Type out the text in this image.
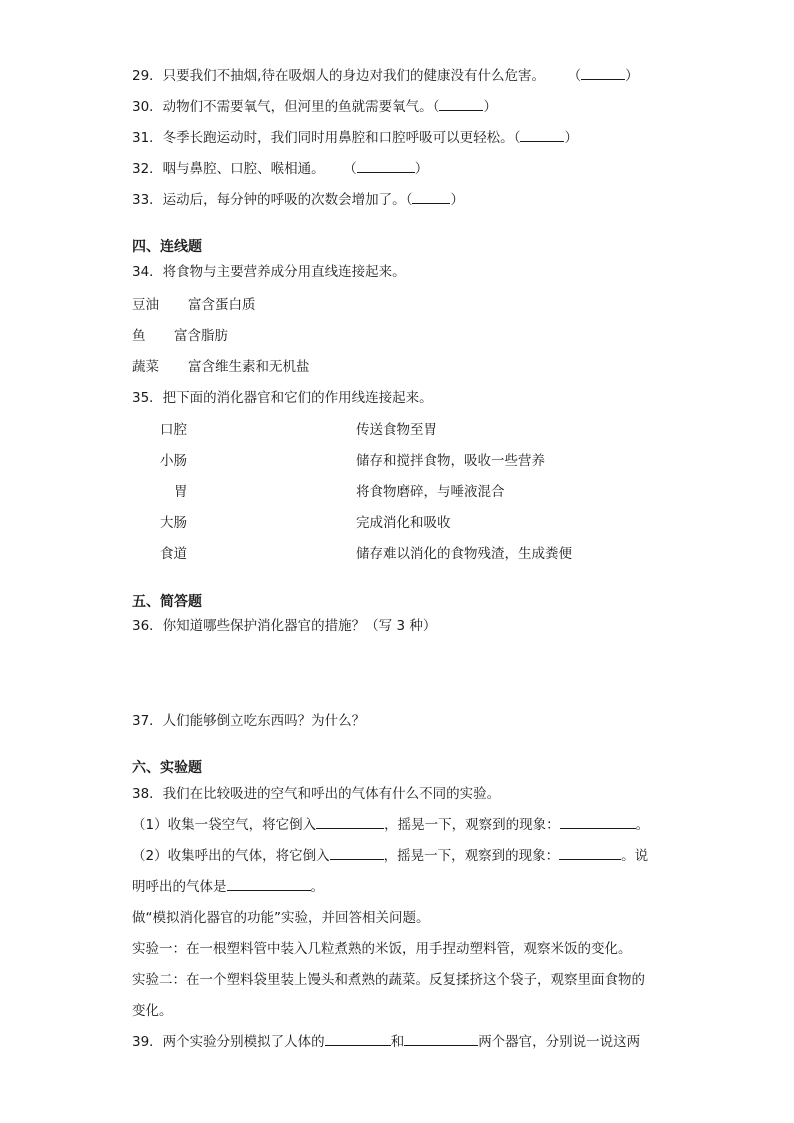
29．只要我们不抽烟,待在吸烟人的身边对我们的健康没有什么危害。 （	）
30．动物们不需要氧气，但河里的鱼就需要氧气。（	）
31．冬季长跑运动时，我们同时用鼻腔和口腔呼吸可以更轻松。（	）
32．咽与鼻腔、口腔、喉相通。 （	）
33．运动后，每分钟的呼吸的次数会增加了。（	）
四、连线题
34．将食物与主要营养成分用直线连接起来。
豆油 富含蛋白质
鱼 富含脂肪
蔬菜 富含维生素和无机盐
35．把下面的消化器官和它们的作用线连接起来。
口腔	传送食物至胃
小肠	储存和搅拌食物，吸收一些营养
胃	将食物磨碎，与唾液混合
大肠	完成消化和吸收
食道	储存难以消化的食物残渣，生成粪便
五、简答题
36．你知道哪些保护消化器官的措施？（写 3 种）
37．人们能够倒立吃东西吗？为什么？
六、实验题
38．我们在比较吸进的空气和呼出的气体有什么不同的实验。
（1）收集一袋空气，将它倒入	，摇晃一下，观察到的现象：	。
（2）收集呼出的气体，将它倒入	，摇晃一下，观察到的现象：	。说
明呼出的气体是	。
做“模拟消化器官的功能”实验，并回答相关问题。
实验一：在一根塑料管中装入几粒煮熟的米饭，用手捏动塑料管，观察米饭的变化。
实验二：在一个塑料袋里装上馒头和煮熟的蔬菜。反复揉挤这个袋子，观察里面食物的
变化。
39．两个实验分别模拟了人体的	和	两个器官，分别说一说这两
